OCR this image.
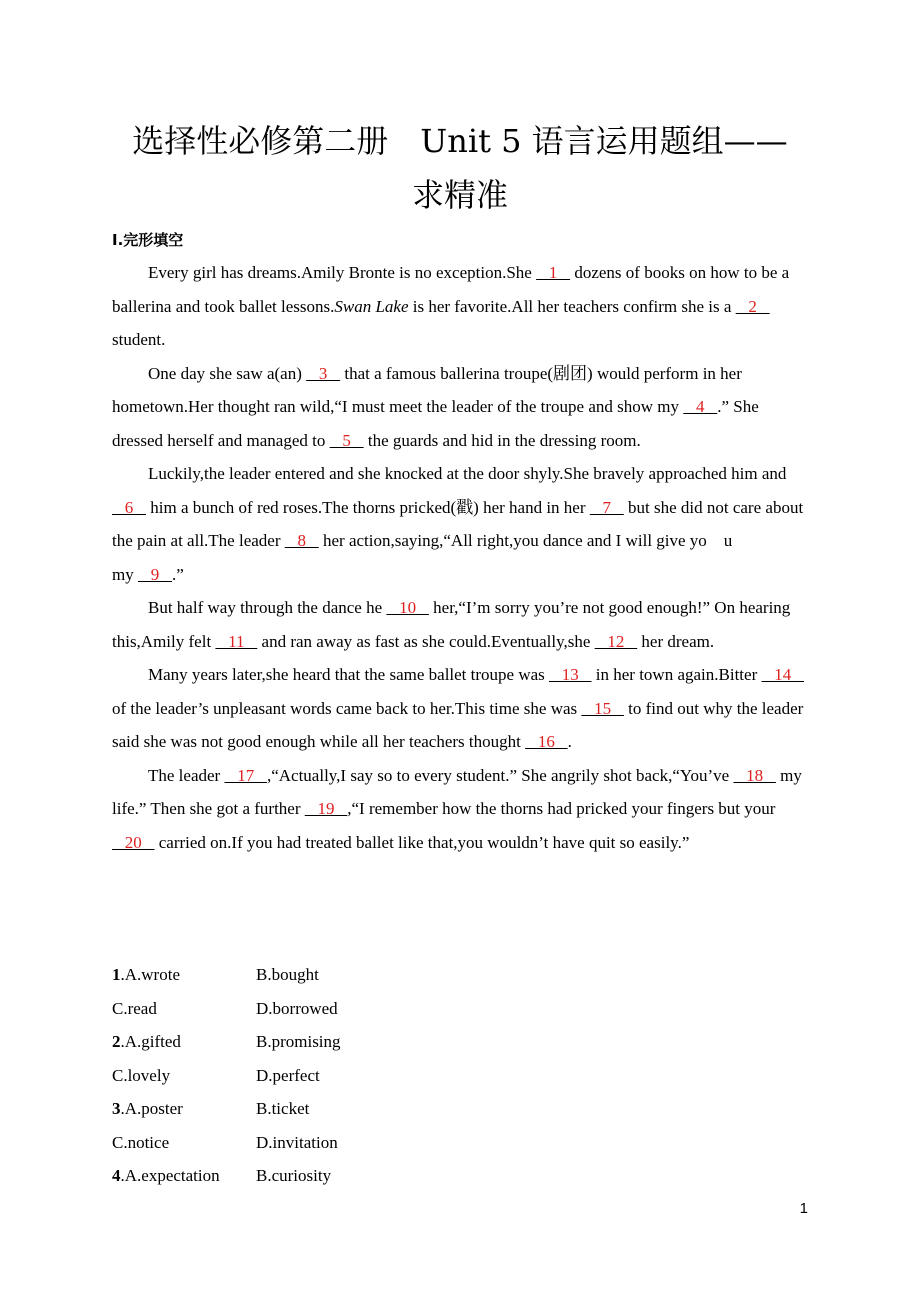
选择性必修第二册　Unit 5 语言运用题组——
求精准
Ⅰ.完形填空

Every girl has dreams.Amily Bronte is no exception.She    1    dozens of books on how to be a ballerina and took ballet lessons.Swan Lake is her favorite.All her teachers confirm she is a    2    student.

One day she saw a(an)    3    that a famous ballerina troupe(剧团) would perform in her hometown.Her thought ran wild,“I must meet the leader of the troupe and show my    4   .” She dressed herself and managed to    5    the guards and hid in the dressing room.

Luckily,the leader entered and she knocked at the door shyly.She bravely approached him and    6    him a bunch of red roses.The thorns pricked(戳) her hand in her    7    but she did not care about the pain at all.The leader    8    her action,saying,“All right,you dance and I will give yo　u　　　　　　　my    9   .”

But half way through the dance he    10    her,“I’m sorry you’re not good enough!” On hearing this,Amily felt    11    and ran away as fast as she could.Eventually,she    12    her dream.

Many years later,she heard that the same ballet troupe was    13    in her town again.Bitter    14    of the leader’s unpleasant words came back to her.This time she was    15    to find out why the leader said she was not good enough while all her teachers thought    16   .

The leader    17   ,“Actually,I say so to every student.” She angrily shot back,“You’ve    18    my life.” Then she got a further    19   ,“I remember how the thorns had pricked your fingers but your    20    carried on.If you had treated ballet like that,you wouldn’t have quit so easily.”

1.A.wrote	B.bought
C.read	D.borrowed
2.A.gifted	B.promising
C.lovely	D.perfect
3.A.poster	B.ticket
C.notice	D.invitation
4.A.expectation	B.curiosity
1
